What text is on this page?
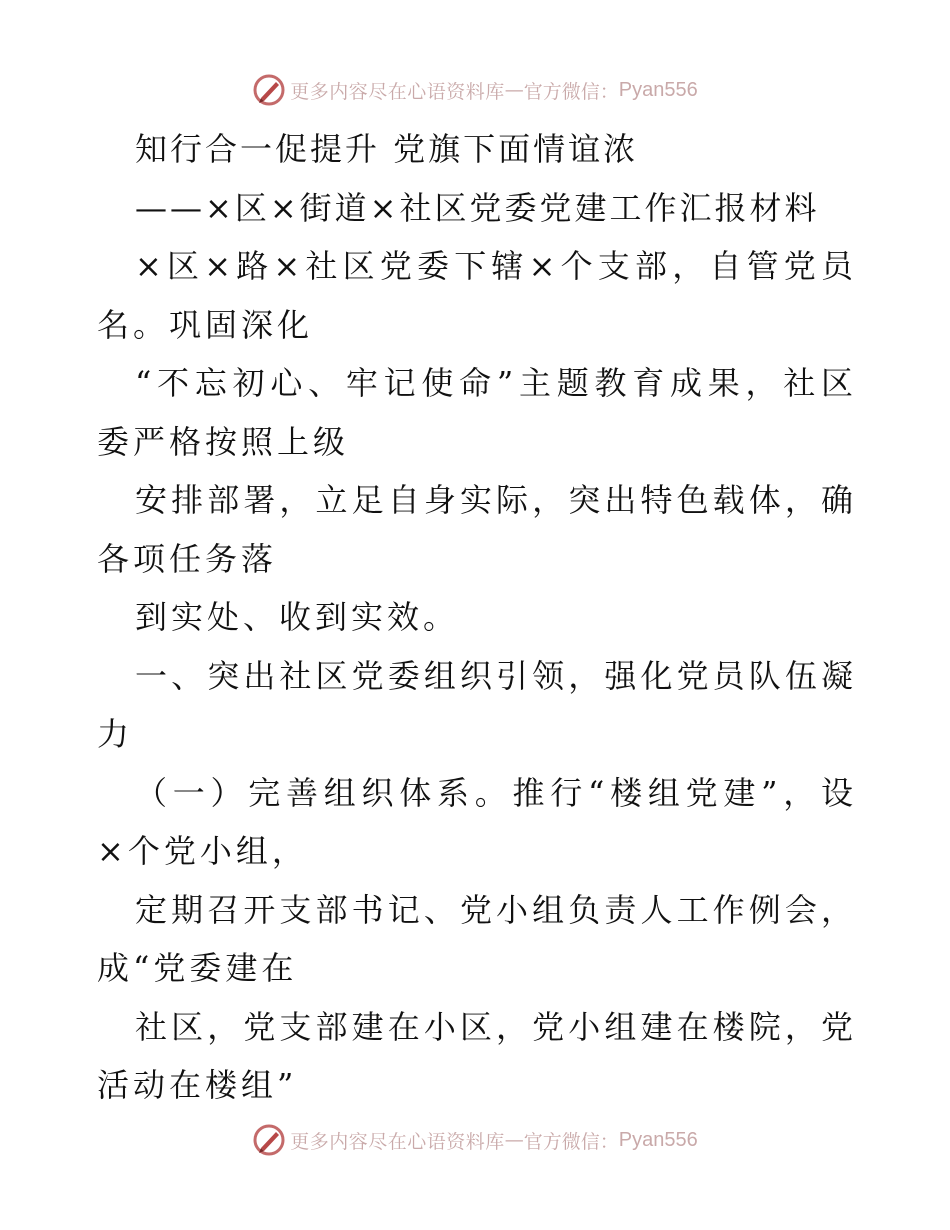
更多内容尽在心语资料库 — 官方微信： Pyan556
知行合一促提升 党旗下面情谊浓
——×区×街道×社区党委党建工作汇报材料
×区×路×社区党委下辖×个支部，自管党员
名。巩固深化
“不忘初心、牢记使命”主题教育成果，社区
委严格按照上级
安排部署，立足自身实际，突出特色载体，确
各项任务落
到实处、收到实效。
一、突出社区党委组织引领，强化党员队伍凝
力
（一）完善组织体系。推行“楼组党建”，设
×个党小组，
定期召开支部书记、党小组负责人工作例会，
成“党委建在
社区，党支部建在小区，党小组建在楼院，党
活动在楼组”
更多内容尽在心语资料库 — 官方微信： Pyan556
